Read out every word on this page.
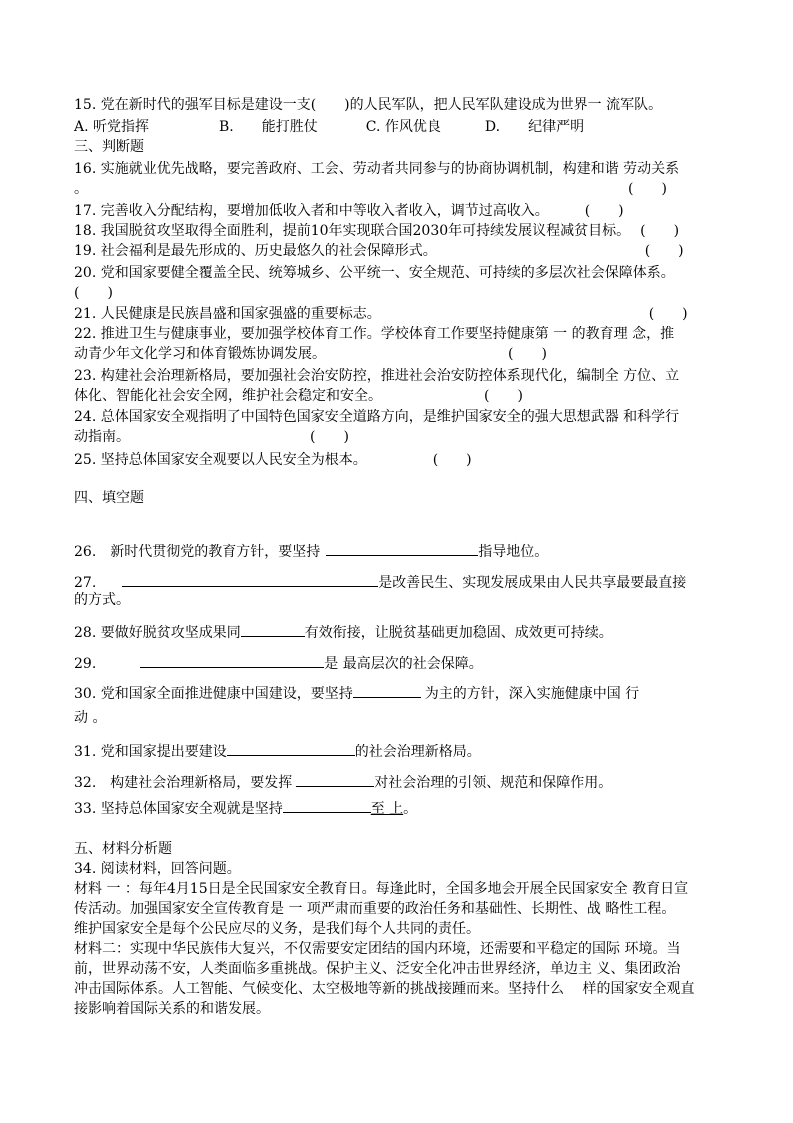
15. 党在新时代的强军目标是建设一支(　　)的人民军队，把人民军队建设成为世界一 流军队。
A. 听党指挥	B.　　能打胜仗	C. 作风优良	D.　　纪律严明
三、判断题
16. 实施就业优先战略，要完善政府、工会、劳动者共同参与的协商协调机制，构建和谐 劳动关系
。	(　　)
17. 完善收入分配结构，要增加低收入者和中等收入者收入，调节过高收入。	(　　)
18. 我国脱贫攻坚取得全面胜利，提前10年实现联合国2030年可持续发展议程减贫目标。 (　　)
19. 社会福利是最先形成的、历史最悠久的社会保障形式。	(　　)
20. 党和国家要健全覆盖全民、统筹城乡、公平统一、安全规范、可持续的多层次社会保障体系。
(　　)
21. 人民健康是民族昌盛和国家强盛的重要标志。	(　　)
22. 推进卫生与健康事业，要加强学校体育工作。学校体育工作要坚持健康第 一 的教育理 念，推
动青少年文化学习和体育锻炼协调发展。	(　　)
23. 构建社会治理新格局，要加强社会治安防控，推进社会治安防控体系现代化，编制全 方位、立
体化、智能化社会安全网，维护社会稳定和安全。	(　　)
24. 总体国家安全观指明了中国特色国家安全道路方向，是维护国家安全的强大思想武器 和科学行
动指南。	(　　)
25. 坚持总体国家安全观要以人民安全为根本。	(　　)
四、填空题
26.　新时代贯彻党的教育方针，要坚持	指导地位。
27.	是改善民生、实现发展成果由人民共享最要最直接
的方式。
28. 要做好脱贫攻坚成果同	有效衔接，让脱贫基础更加稳固、成效更可持续。
29.	是 最高层次的社会保障。
30. 党和国家全面推进健康中国建设，要坚持	为主的方针，深入实施健康中国 行
动 。
31. 党和国家提出要建设	的社会治理新格局。
32.　构建社会治理新格局，要发挥	对社会治理的引领、规范和保障作用。
33. 坚持总体国家安全观就是坚持	至 上。
五、材料分析题
34. 阅读材料，回答问题。
材料 一 ：每年4月15日是全民国家安全教育日。每逢此时，全国多地会开展全民国家安全 教育日宣
传活动。加强国家安全宣传教育是 一 项严肃而重要的政治任务和基础性、长期性、战 略性工程。
维护国家安全是每个公民应尽的义务，是我们每个人共同的责任。
材料二：实现中华民族伟大复兴，不仅需要安定团结的国内环境，还需要和平稳定的国际 环境。当
前，世界动荡不安，人类面临多重挑战。保护主义、泛安全化冲击世界经济，单边主 义、集团政治
冲击国际体系。人工智能、气候变化、太空极地等新的挑战接踵而来。坚持什么　 样的国家安全观直
接影响着国际关系的和谐发展。
